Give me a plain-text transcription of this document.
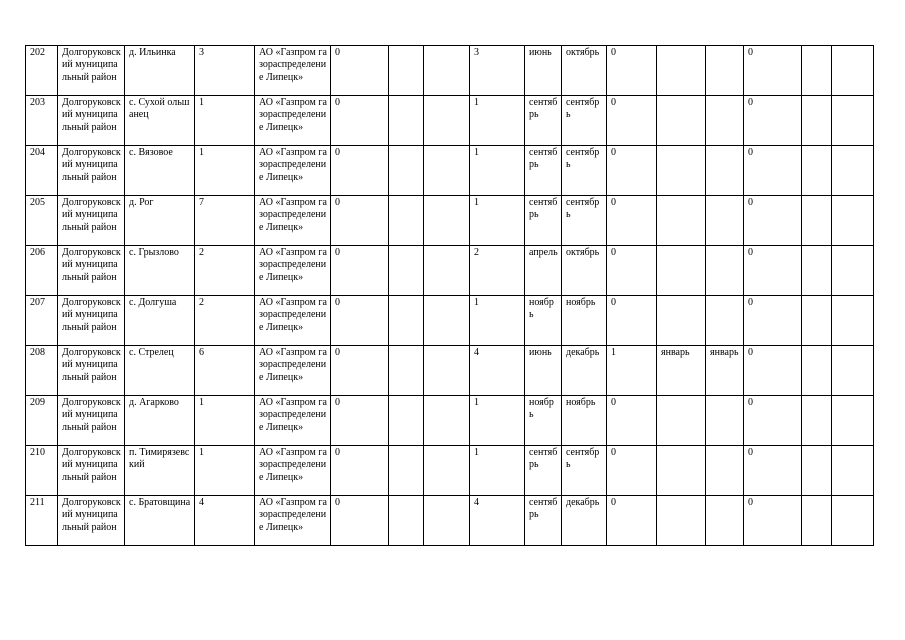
202	Долгоруковский муниципальный район	д. Ильинка	3	АО «Газпром газораспределение Липецк»	0			3	июнь	октябрь	0			0		
203	Долгоруковский муниципальный район	с. Сухой ольшанец	1	АО «Газпром газораспределение Липецк»	0			1	сентябрь	сентябрь	0			0		
204	Долгоруковский муниципальный район	с. Вязовое	1	АО «Газпром газораспределение Липецк»	0			1	сентябрь	сентябрь	0			0		
205	Долгоруковский муниципальный район	д. Рог	7	АО «Газпром газораспределение Липецк»	0			1	сентябрь	сентябрь	0			0		
206	Долгоруковский муниципальный район	с. Грызлово	2	АО «Газпром газораспределение Липецк»	0			2	апрель	октябрь	0			0		
207	Долгоруковский муниципальный район	с. Долгуша	2	АО «Газпром газораспределение Липецк»	0			1	ноябрь	ноябрь	0			0		
208	Долгоруковский муниципальный район	с. Стрелец	6	АО «Газпром газораспределение Липецк»	0			4	июнь	декабрь	1	январь	январь	0		
209	Долгоруковский муниципальный район	д. Агарково	1	АО «Газпром газораспределение Липецк»	0			1	ноябрь	ноябрь	0			0		
210	Долгоруковский муниципальный район	п. Тимирязевский	1	АО «Газпром газораспределение Липецк»	0			1	сентябрь	сентябрь	0			0		
211	Долгоруковский муниципальный район	с. Братовщина	4	АО «Газпром газораспределение Липецк»	0			4	сентябрь	декабрь	0			0		
